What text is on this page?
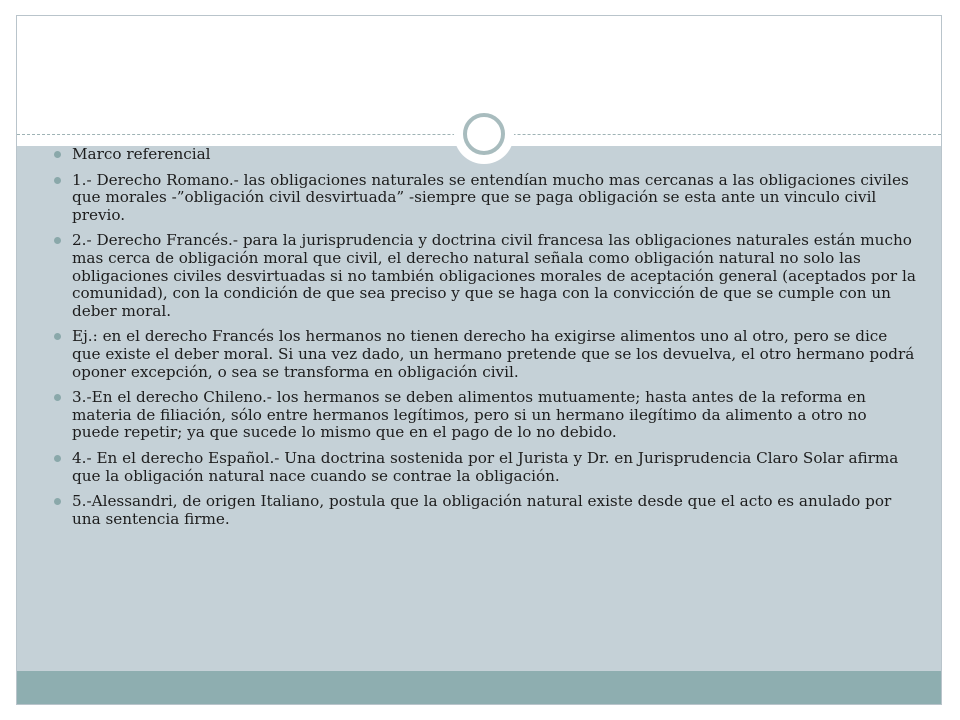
Marco referencial
1.- Derecho Romano.- las obligaciones naturales se entendían mucho mas cercanas a las obligaciones civiles que morales -”obligación civil desvirtuada” -siempre que se paga obligación se esta ante un vinculo civil previo.
2.- Derecho Francés.- para la jurisprudencia y doctrina civil francesa las obligaciones naturales están mucho mas cerca de obligación moral que civil, el derecho natural señala como obligación natural no solo las obligaciones civiles desvirtuadas si no también obligaciones morales de aceptación general (aceptados por la comunidad), con la condición de que sea preciso y que se haga con la convicción de que se cumple con un deber moral.
Ej.: en el derecho Francés los hermanos no tienen derecho ha exigirse alimentos uno al otro, pero se dice que existe el deber moral. Si una vez dado, un hermano pretende que se los devuelva, el otro hermano podrá oponer excepción, o sea se transforma en obligación civil.
3.-En el derecho Chileno.- los hermanos se deben alimentos mutuamente; hasta antes de la reforma en materia de filiación, sólo entre hermanos legítimos, pero si un hermano ilegítimo da alimento a otro no puede repetir; ya que sucede lo mismo que en el pago de lo no debido.
4.- En el derecho Español.- Una doctrina sostenida por el Jurista y Dr. en Jurisprudencia Claro Solar afirma que la obligación natural nace cuando se contrae la obligación.
5.-Alessandri, de origen Italiano, postula que la obligación natural existe desde que el acto es anulado por una sentencia firme.
